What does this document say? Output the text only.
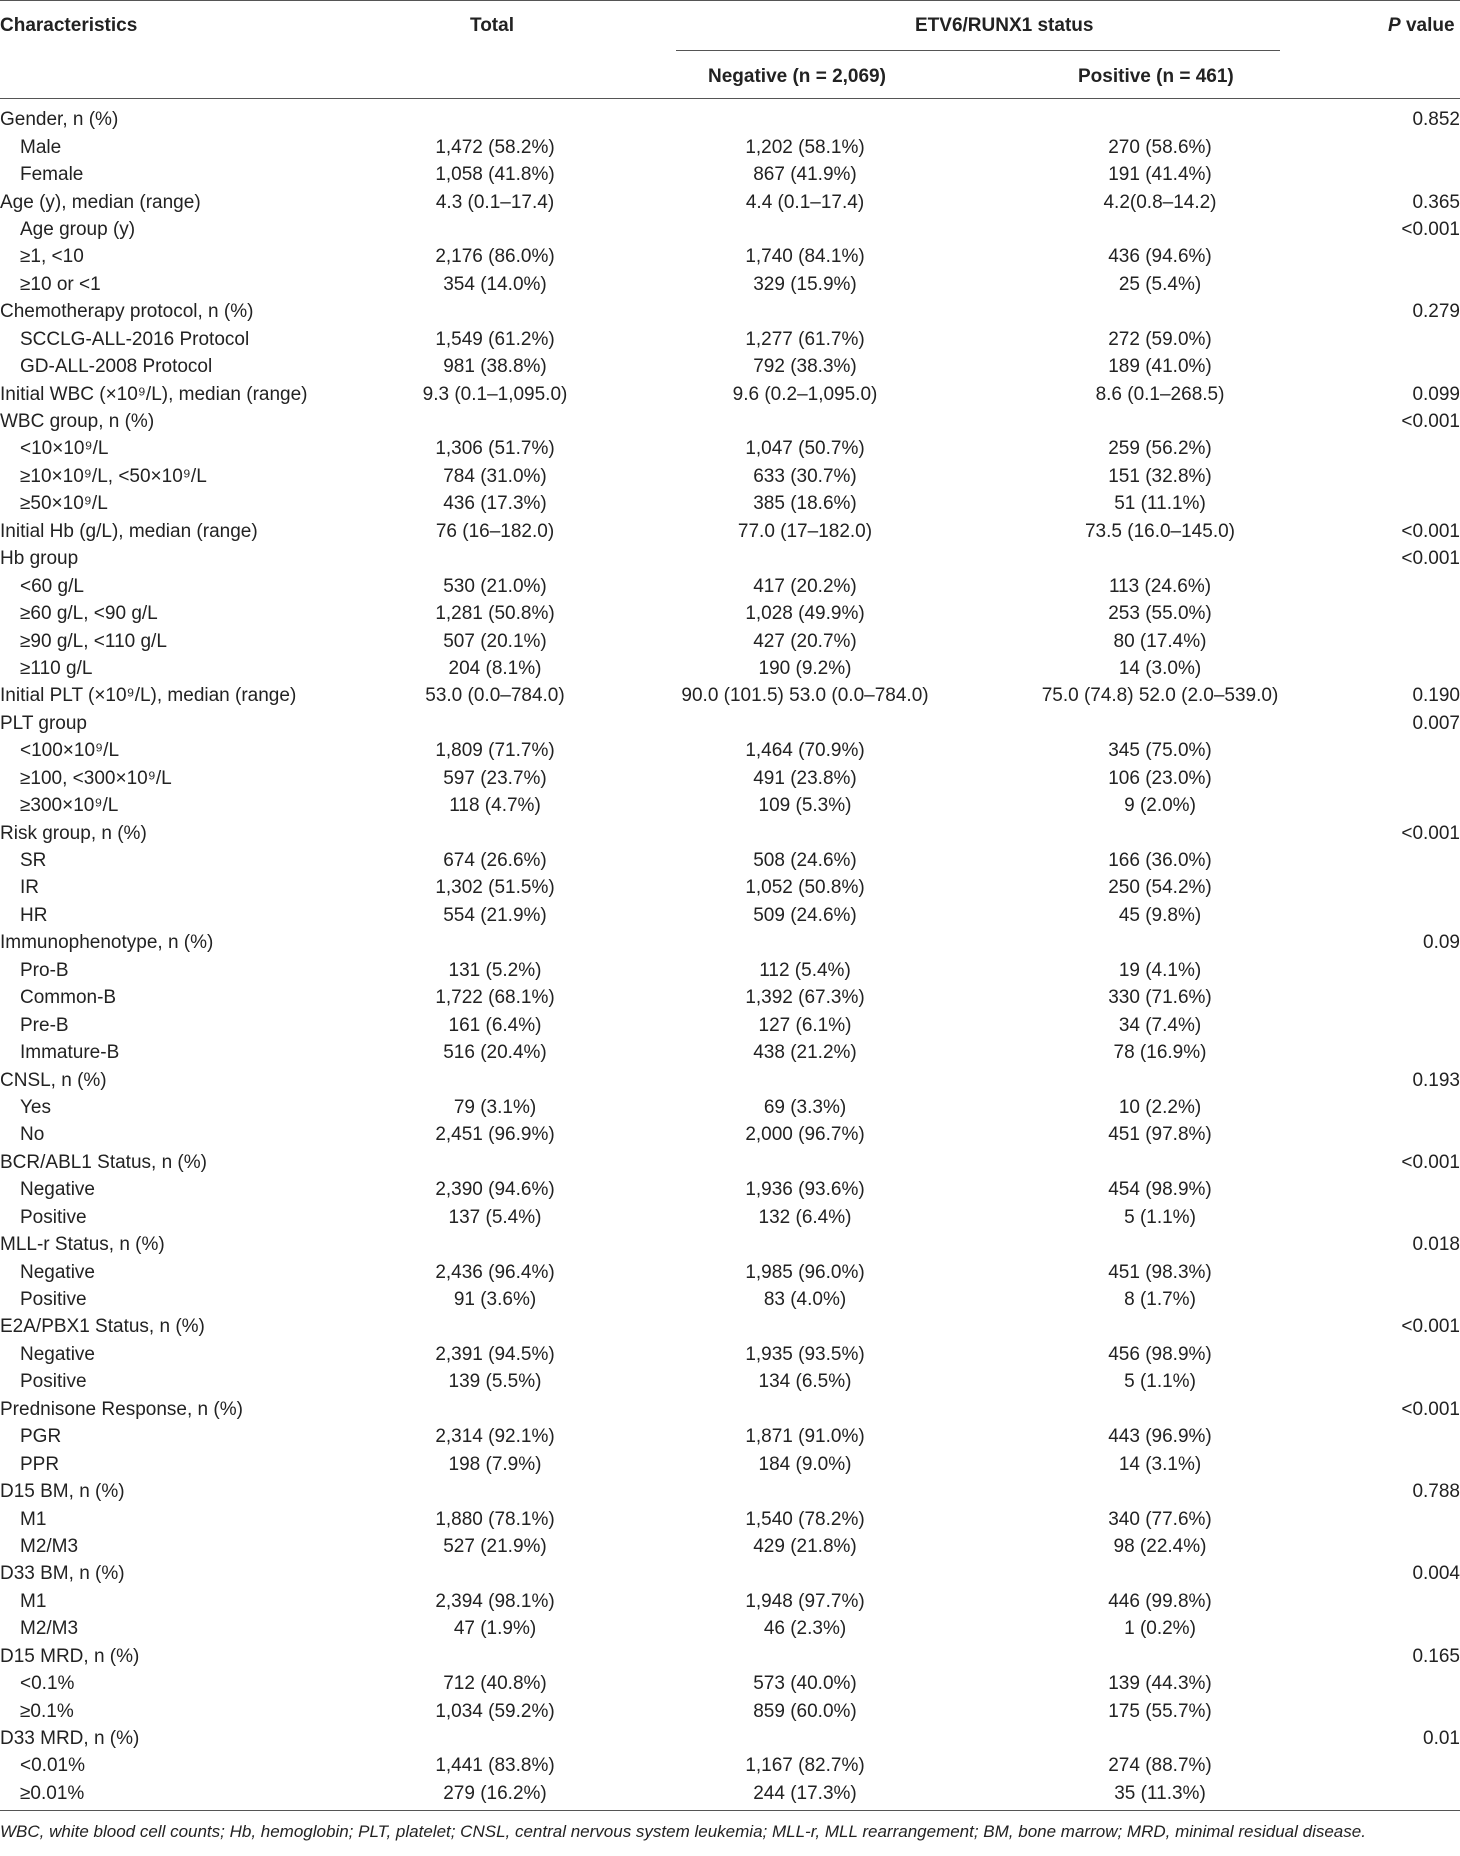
Characteristics	Total	ETV6/RUNX1 status	P value
Negative (n = 2,069)	Positive (n = 461)
Gender, n (%)				0.852
Male	1,472 (58.2%)	1,202 (58.1%)	270 (58.6%)	
Female	1,058 (41.8%)	867 (41.9%)	191 (41.4%)	
Age (y), median (range)	4.3 (0.1–17.4)	4.4 (0.1–17.4)	4.2(0.8–14.2)	0.365
Age group (y)				<0.001
≥1, <10	2,176 (86.0%)	1,740 (84.1%)	436 (94.6%)	
≥10 or <1	354 (14.0%)	329 (15.9%)	25 (5.4%)	
Chemotherapy protocol, n (%)				0.279
SCCLG-ALL-2016 Protocol	1,549 (61.2%)	1,277 (61.7%)	272 (59.0%)	
GD-ALL-2008 Protocol	981 (38.8%)	792 (38.3%)	189 (41.0%)	
Initial WBC (×10⁹/L), median (range)	9.3 (0.1–1,095.0)	9.6 (0.2–1,095.0)	8.6 (0.1–268.5)	0.099
WBC group, n (%)				<0.001
<10×10⁹/L	1,306 (51.7%)	1,047 (50.7%)	259 (56.2%)	
≥10×10⁹/L, <50×10⁹/L	784 (31.0%)	633 (30.7%)	151 (32.8%)	
≥50×10⁹/L	436 (17.3%)	385 (18.6%)	51 (11.1%)	
Initial Hb (g/L), median (range)	76 (16–182.0)	77.0 (17–182.0)	73.5 (16.0–145.0)	<0.001
Hb group				<0.001
<60 g/L	530 (21.0%)	417 (20.2%)	113 (24.6%)	
≥60 g/L, <90 g/L	1,281 (50.8%)	1,028 (49.9%)	253 (55.0%)	
≥90 g/L, <110 g/L	507 (20.1%)	427 (20.7%)	80 (17.4%)	
≥110 g/L	204 (8.1%)	190 (9.2%)	14 (3.0%)	
Initial PLT (×10⁹/L), median (range)	53.0 (0.0–784.0)	90.0 (101.5) 53.0 (0.0–784.0)	75.0 (74.8) 52.0 (2.0–539.0)	0.190
PLT group				0.007
<100×10⁹/L	1,809 (71.7%)	1,464 (70.9%)	345 (75.0%)	
≥100, <300×10⁹/L	597 (23.7%)	491 (23.8%)	106 (23.0%)	
≥300×10⁹/L	118 (4.7%)	109 (5.3%)	9 (2.0%)	
Risk group, n (%)				<0.001
SR	674 (26.6%)	508 (24.6%)	166 (36.0%)	
IR	1,302 (51.5%)	1,052 (50.8%)	250 (54.2%)	
HR	554 (21.9%)	509 (24.6%)	45 (9.8%)	
Immunophenotype, n (%)				0.09
Pro-B	131 (5.2%)	112 (5.4%)	19 (4.1%)	
Common-B	1,722 (68.1%)	1,392 (67.3%)	330 (71.6%)	
Pre-B	161 (6.4%)	127 (6.1%)	34 (7.4%)	
Immature-B	516 (20.4%)	438 (21.2%)	78 (16.9%)	
CNSL, n (%)				0.193
Yes	79 (3.1%)	69 (3.3%)	10 (2.2%)	
No	2,451 (96.9%)	2,000 (96.7%)	451 (97.8%)	
BCR/ABL1 Status, n (%)				<0.001
Negative	2,390 (94.6%)	1,936 (93.6%)	454 (98.9%)	
Positive	137 (5.4%)	132 (6.4%)	5 (1.1%)	
MLL-r Status, n (%)				0.018
Negative	2,436 (96.4%)	1,985 (96.0%)	451 (98.3%)	
Positive	91 (3.6%)	83 (4.0%)	8 (1.7%)	
E2A/PBX1 Status, n (%)				<0.001
Negative	2,391 (94.5%)	1,935 (93.5%)	456 (98.9%)	
Positive	139 (5.5%)	134 (6.5%)	5 (1.1%)	
Prednisone Response, n (%)				<0.001
PGR	2,314 (92.1%)	1,871 (91.0%)	443 (96.9%)	
PPR	198 (7.9%)	184 (9.0%)	14 (3.1%)	
D15 BM, n (%)				0.788
M1	1,880 (78.1%)	1,540 (78.2%)	340 (77.6%)	
M2/M3	527 (21.9%)	429 (21.8%)	98 (22.4%)	
D33 BM, n (%)				0.004
M1	2,394 (98.1%)	1,948 (97.7%)	446 (99.8%)	
M2/M3	47 (1.9%)	46 (2.3%)	1 (0.2%)	
D15 MRD, n (%)				0.165
<0.1%	712 (40.8%)	573 (40.0%)	139 (44.3%)	
≥0.1%	1,034 (59.2%)	859 (60.0%)	175 (55.7%)	
D33 MRD, n (%)				0.01
<0.01%	1,441 (83.8%)	1,167 (82.7%)	274 (88.7%)	
≥0.01%	279 (16.2%)	244 (17.3%)	35 (11.3%)	
WBC, white blood cell counts; Hb, hemoglobin; PLT, platelet; CNSL, central nervous system leukemia; MLL-r, MLL rearrangement; BM, bone marrow; MRD, minimal residual disease.
